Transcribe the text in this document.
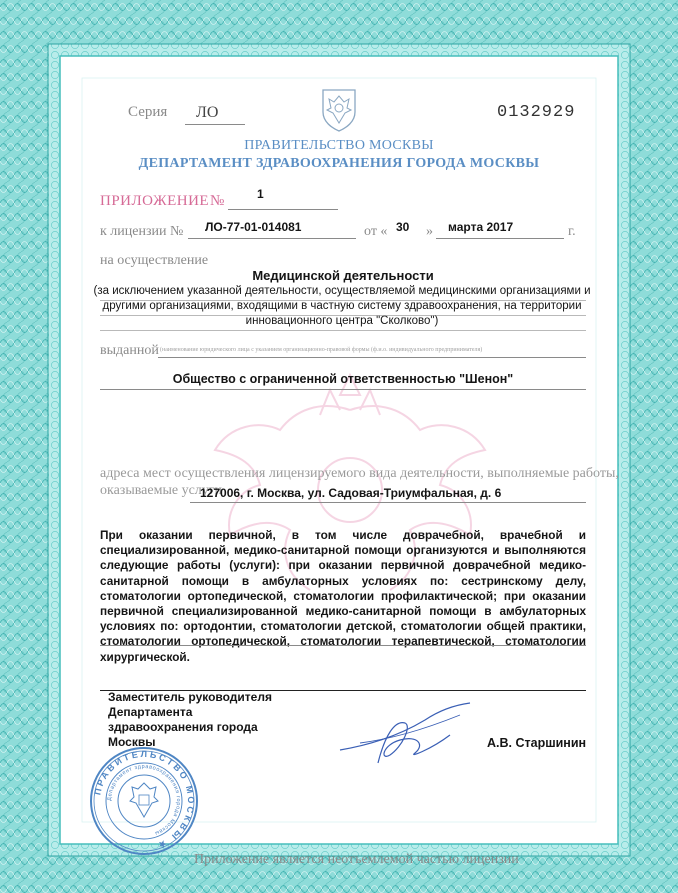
Серия ЛО	0132929
ПРАВИТЕЛЬСТВО МОСКВЫ
ДЕПАРТАМЕНТ ЗДРАВООХРАНЕНИЯ ГОРОДА МОСКВЫ
ПРИЛОЖЕНИЕ №	1
к лицензии № ЛО-77-01-014081	от « 30 » марта 2017	г.
на осуществление
Медицинской деятельности
(за исключением указанной деятельности, осуществляемой медицинскими организациями и другими организациями, входящими в частную систему здравоохранения, на территории инновационного центра "Сколково")
выданной (наименование юридического лица с указанием организационно-правовой формы (ф.и.о. индивидуального предпринимателя)
Общество с ограниченной ответственностью "Шенон"
адреса мест осуществления лицензируемого вида деятельности, выполняемые работы,
оказываемые услуги
127006, г. Москва, ул. Садовая-Триумфальная, д. 6
При оказании первичной, в том числе доврачебной, врачебной и специализированной, медико-санитарной помощи организуются и выполняются следующие работы (услуги): при оказании первичной доврачебной медико-санитарной помощи в амбулаторных условиях по: сестринскому делу, стоматологии ортопедической, стоматологии профилактической; при оказании первичной специализированной медико-санитарной помощи в амбулаторных условиях по: ортодонтии, стоматологии детской, стоматологии общей практики, стоматологии ортопедической, стоматологии терапевтической, стоматологии хирургической.
Заместитель руководителя
Департамента
здравоохранения города
Москвы	А.В. Старшинин
ПРАВИТЕЛЬСТВО МОСКВЫ ★
Департамент здравоохранения города Москвы
Приложение является неотъемлемой частью лицензии
